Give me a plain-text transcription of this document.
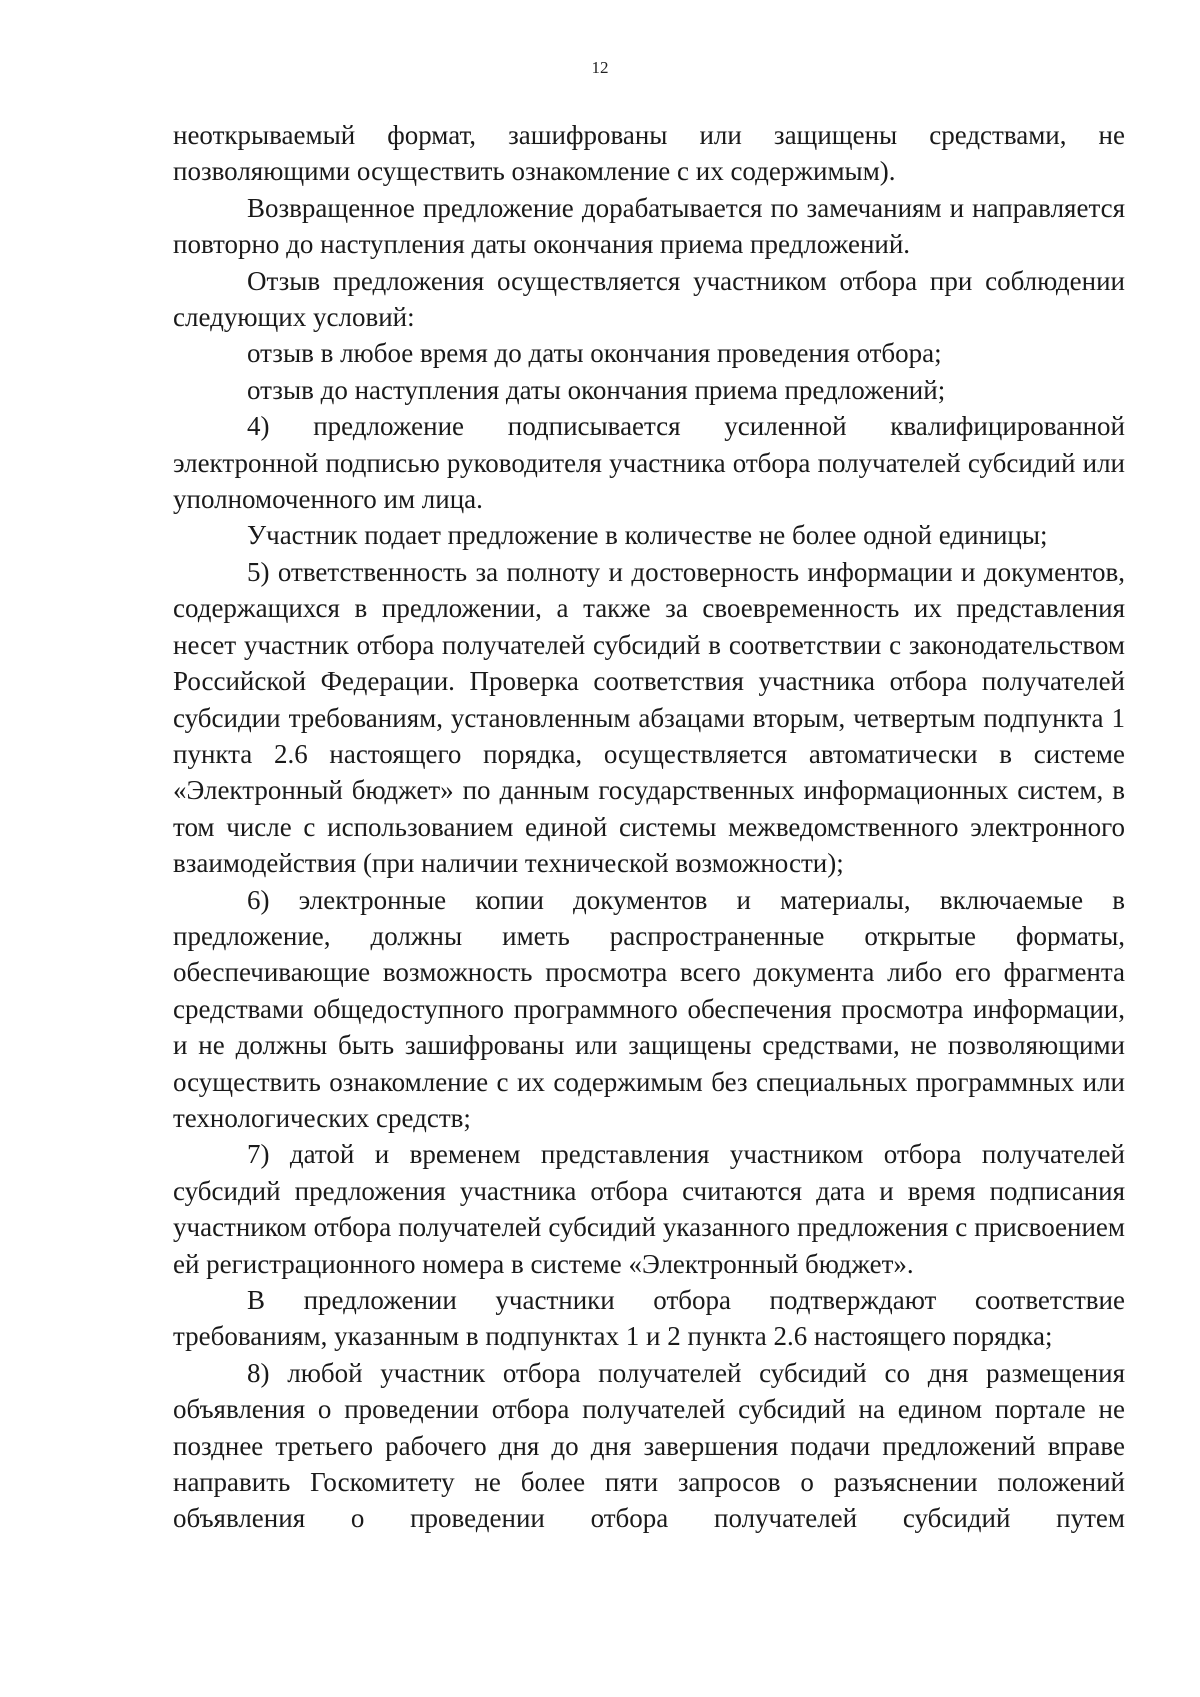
12

неоткрываемый формат, зашифрованы или защищены средствами, не позволяющими осуществить ознакомление с их содержимым).

Возвращенное предложение дорабатывается по замечаниям и направляется повторно до наступления даты окончания приема предложений.

Отзыв предложения осуществляется участником отбора при соблюдении следующих условий:

отзыв в любое время до даты окончания проведения отбора;

отзыв до наступления даты окончания приема предложений;

4) предложение подписывается усиленной квалифицированной электронной подписью руководителя участника отбора получателей субсидий или уполномоченного им лица.

Участник подает предложение в количестве не более одной единицы;

5) ответственность за полноту и достоверность информации и документов, содержащихся в предложении, а также за своевременность их представления несет участник отбора получателей субсидий в соответствии с законодательством Российской Федерации. Проверка соответствия участника отбора получателей субсидии требованиям, установленным абзацами вторым, четвертым подпункта 1 пункта 2.6 настоящего порядка, осуществляется автоматически в системе «Электронный бюджет» по данным государственных информационных систем, в том числе с использованием единой системы межведомственного электронного взаимодействия (при наличии технической возможности);

6) электронные копии документов и материалы, включаемые в предложение, должны иметь распространенные открытые форматы, обеспечивающие возможность просмотра всего документа либо его фрагмента средствами общедоступного программного обеспечения просмотра информации, и не должны быть зашифрованы или защищены средствами, не позволяющими осуществить ознакомление с их содержимым без специальных программных или технологических средств;

7) датой и временем представления участником отбора получателей субсидий предложения участника отбора считаются дата и время подписания участником отбора получателей субсидий указанного предложения с присвоением ей регистрационного номера в системе «Электронный бюджет».

В предложении участники отбора подтверждают соответствие требованиям, указанным в подпунктах 1 и 2 пункта 2.6 настоящего порядка;

8) любой участник отбора получателей субсидий со дня размещения объявления о проведении отбора получателей субсидий на едином портале не позднее третьего рабочего дня до дня завершения подачи предложений вправе направить Госкомитету не более пяти запросов о разъяснении положений объявления о проведении отбора получателей субсидий путем
